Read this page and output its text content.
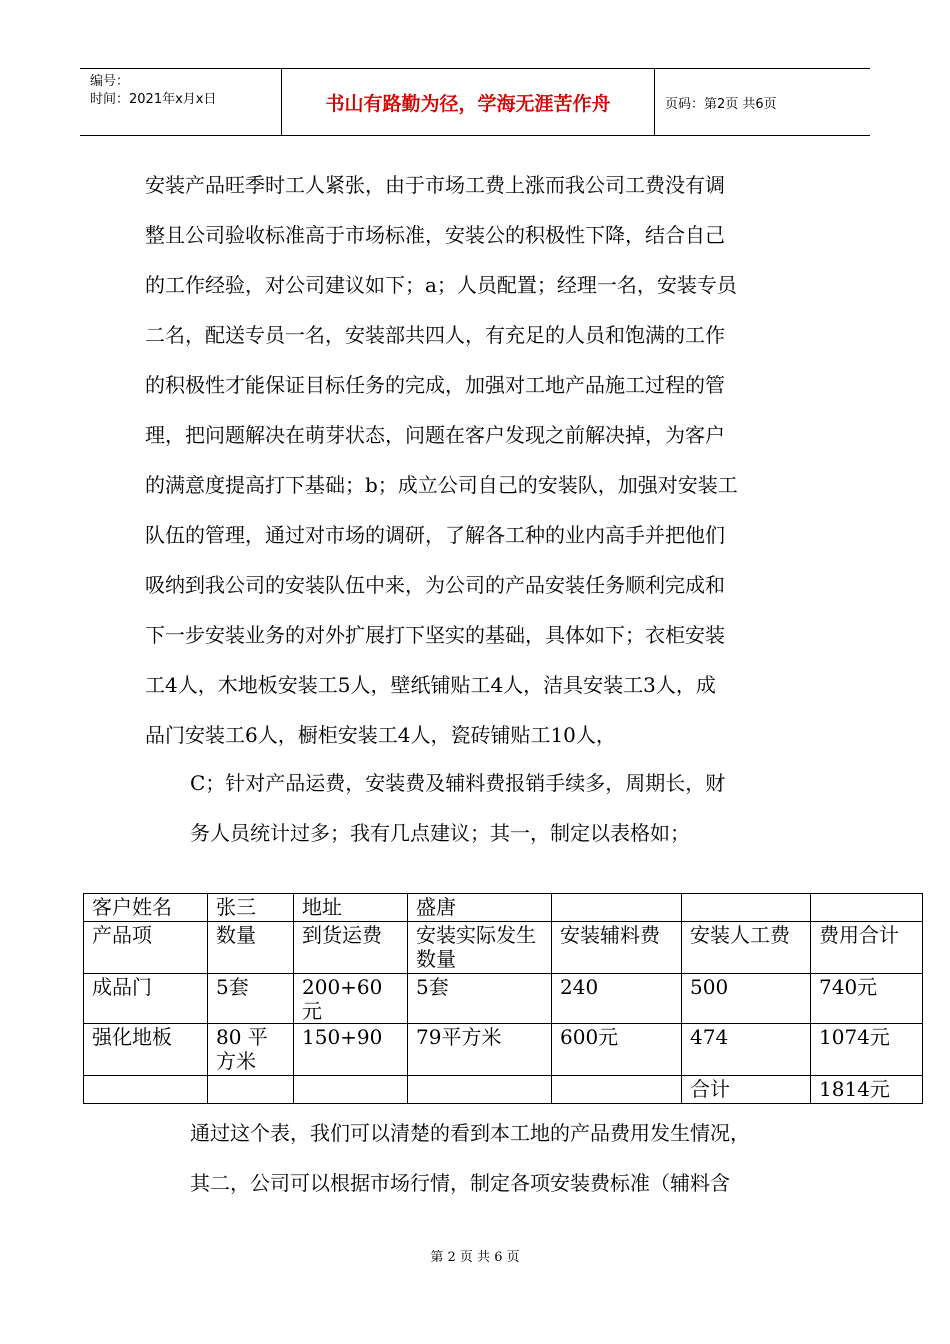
编号：
时间：2021年x月x日	书山有路勤为径，学海无涯苦作舟	页码：第2页 共6页
安装产品旺季时工人紧张，由于市场工费上涨而我公司工费没有调
整且公司验收标准高于市场标准，安装公的积极性下降，结合自己
的工作经验，对公司建议如下；a；人员配置；经理一名，安装专员
二名，配送专员一名，安装部共四人，有充足的人员和饱满的工作
的积极性才能保证目标任务的完成，加强对工地产品施工过程的管
理，把问题解决在萌芽状态，问题在客户发现之前解决掉，为客户
的满意度提高打下基础；b；成立公司自己的安装队，加强对安装工
队伍的管理，通过对市场的调研，了解各工种的业内高手并把他们
吸纳到我公司的安装队伍中来，为公司的产品安装任务顺利完成和
下一步安装业务的对外扩展打下坚实的基础，具体如下；衣柜安装
工4人，木地板安装工5人，壁纸铺贴工4人，洁具安装工3人，成
品门安装工6人，橱柜安装工4人，瓷砖铺贴工10人，
C；针对产品运费，安装费及辅料费报销手续多，周期长，财
务人员统计过多；我有几点建议；其一，制定以表格如；
通过这个表，我们可以清楚的看到本工地的产品费用发生情况，
其二，公司可以根据市场行情，制定各项安装费标准（辅料含
客户姓名	张三	地址	盛唐			
产品项	数量	到货运费	安装实际发生数量	安装辅料费	安装人工费	费用合计
成品门	5套	200+60元	5套	240	500	740元
强化地板	80 平方米	150+90	79平方米	600元	474	1074元
					合计	1814元
第 2 页 共 6 页
